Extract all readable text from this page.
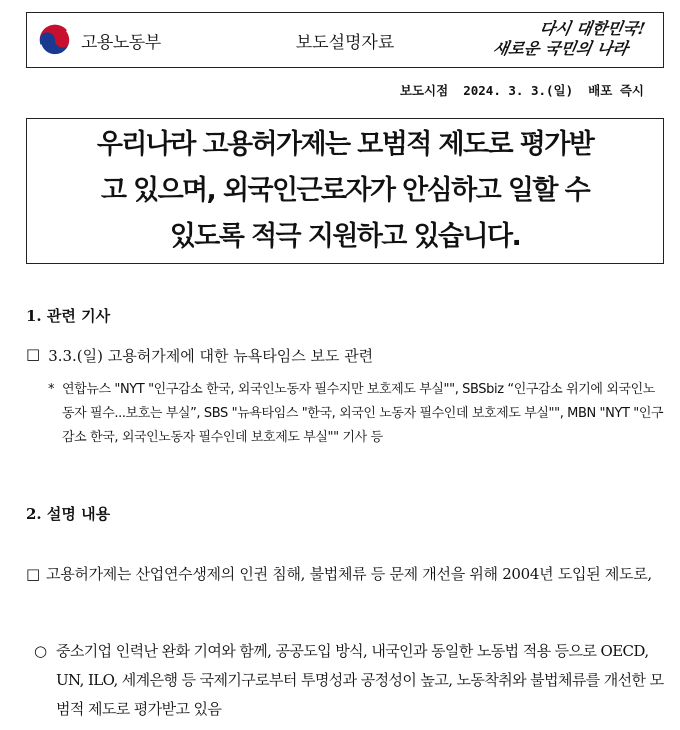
고용노동부	보도설명자료
다시 대한민국!
새로운 국민의 나라
보도시점  2024. 3. 3.(일)  배포 즉시
우리나라 고용허가제는 모범적 제도로 평가받
고 있으며, 외국인근로자가 안심하고 일할 수
있도록 적극 지원하고 있습니다.
1. 관련 기사
□ 3.3.(일) 고용허가제에 대한 뉴욕타임스 보도 관련
* 연합뉴스 "NYT "인구감소 한국, 외국인노동자 필수지만 보호제도 부실"", SBSbiz “인구감소 위기에 외국인노동자 필수...보호는 부실”, SBS "뉴욕타임스 "한국, 외국인 노동자 필수인데 보호제도 부실"", MBN "NYT "인구감소 한국, 외국인노동자 필수인데 보호제도 부실"" 기사 등
2. 설명 내용
□ 고용허가제는 산업연수생제의 인권 침해, 불법체류 등 문제 개선을 위해 2004년 도입된 제도로,
○ 중소기업 인력난 완화 기여와 함께, 공공도입 방식, 내국인과 동일한 노동법 적용 등으로 OECD, UN, ILO, 세계은행 등 국제기구로부터 투명성과 공정성이 높고, 노동착취와 불법체류를 개선한 모범적 제도로 평가받고 있음
